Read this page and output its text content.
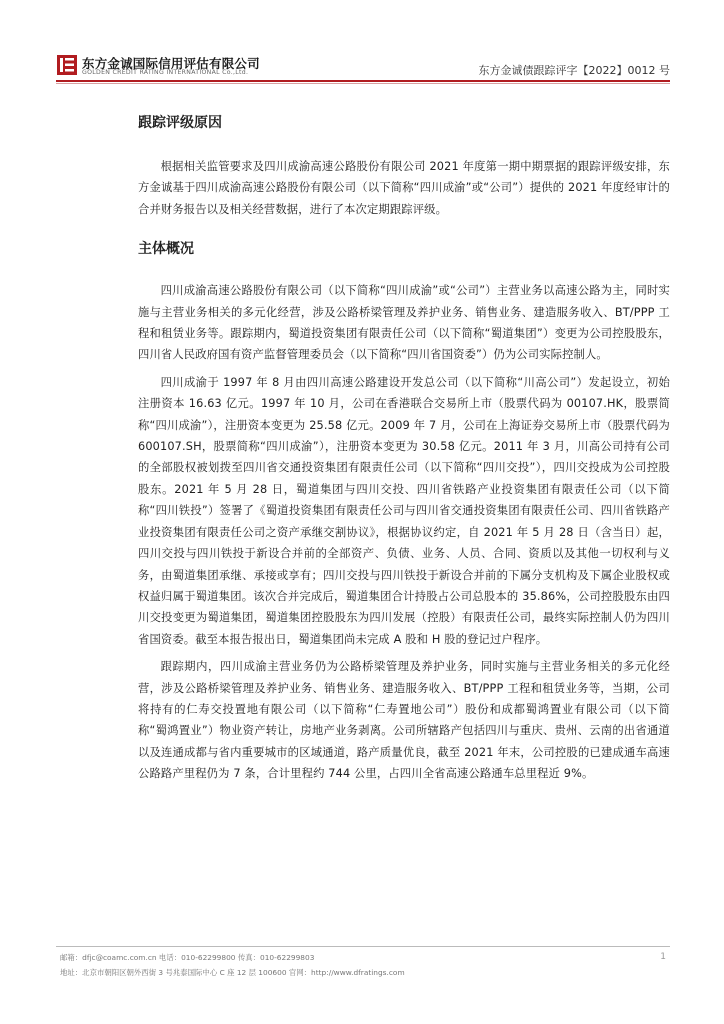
东方金诚国际信用评估有限公司
GOLDEN CREDIT RATING INTERNATIONAL Co.,Ltd.	东方金诚债跟踪评字【2022】0012 号
跟踪评级原因

根据相关监管要求及四川成渝高速公路股份有限公司 2021 年度第一期中期票据的跟踪评级安排，东方金诚基于四川成渝高速公路股份有限公司（以下简称“四川成渝”或“公司”）提供的 2021 年度经审计的合并财务报告以及相关经营数据，进行了本次定期跟踪评级。

主体概况

四川成渝高速公路股份有限公司（以下简称“四川成渝”或“公司”）主营业务以高速公路为主，同时实施与主营业务相关的多元化经营，涉及公路桥梁管理及养护业务、销售业务、建造服务收入、BT/PPP 工程和租赁业务等。跟踪期内，蜀道投资集团有限责任公司（以下简称“蜀道集团”）变更为公司控股股东，四川省人民政府国有资产监督管理委员会（以下简称“四川省国资委”）仍为公司实际控制人。

四川成渝于 1997 年 8 月由四川高速公路建设开发总公司（以下简称“川高公司”）发起设立，初始注册资本 16.63 亿元。1997 年 10 月，公司在香港联合交易所上市（股票代码为 00107.HK，股票简称“四川成渝”），注册资本变更为 25.58 亿元。2009 年 7 月，公司在上海证券交易所上市（股票代码为 600107.SH，股票简称“四川成渝”），注册资本变更为 30.58 亿元。2011 年 3 月，川高公司持有公司的全部股权被划拨至四川省交通投资集团有限责任公司（以下简称“四川交投”），四川交投成为公司控股股东。2021 年 5 月 28 日，蜀道集团与四川交投、四川省铁路产业投资集团有限责任公司（以下简称“四川铁投”）签署了《蜀道投资集团有限责任公司与四川省交通投资集团有限责任公司、四川省铁路产业投资集团有限责任公司之资产承继交割协议》，根据协议约定，自 2021 年 5 月 28 日（含当日）起，四川交投与四川铁投于新设合并前的全部资产、负债、业务、人员、合同、资质以及其他一切权利与义务，由蜀道集团承继、承接或享有；四川交投与四川铁投于新设合并前的下属分支机构及下属企业股权或权益归属于蜀道集团。该次合并完成后，蜀道集团合计持股占公司总股本的 35.86%，公司控股股东由四川交投变更为蜀道集团，蜀道集团控股股东为四川发展（控股）有限责任公司，最终实际控制人仍为四川省国资委。截至本报告报出日，蜀道集团尚未完成 A 股和 H 股的登记过户程序。

跟踪期内，四川成渝主营业务仍为公路桥梁管理及养护业务，同时实施与主营业务相关的多元化经营，涉及公路桥梁管理及养护业务、销售业务、建造服务收入、BT/PPP 工程和租赁业务等，当期，公司将持有的仁寿交投置地有限公司（以下简称“仁寿置地公司”）股份和成都蜀鸿置业有限公司（以下简称“蜀鸿置业”）物业资产转让，房地产业务剥离。公司所辖路产包括四川与重庆、贵州、云南的出省通道以及连通成都与省内重要城市的区域通道，路产质量优良，截至 2021 年末，公司控股的已建成通车高速公路路产里程仍为 7 条，合计里程约 744 公里，占四川全省高速公路通车总里程近 9%。

邮箱：dfjc@coamc.com.cn 电话：010-62299800 传真：010-62299803
地址：北京市朝阳区朝外西街 3 号兆泰国际中心 C 座 12 层 100600 官网：http://www.dfratings.com
1
